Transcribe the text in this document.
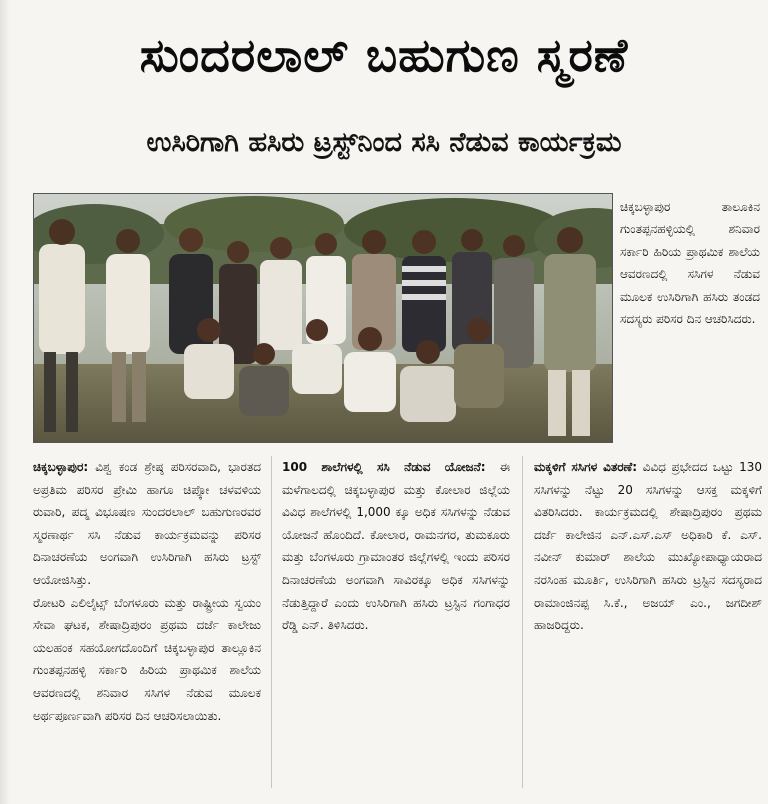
ಸುಂದರಲಾಲ್ ಬಹುಗುಣ ಸ್ಮರಣೆ
ಉಸಿರಿಗಾಗಿ ಹಸಿರು ಟ್ರಸ್ಟ್‌ನಿಂದ ಸಸಿ ನೆಡುವ ಕಾರ್ಯಕ್ರಮ
ಚಿಕ್ಕಬಳ್ಳಾಪುರ ತಾಲೂಕಿನ ಗುಂತಪ್ಪನಹಳ್ಳಿಯಲ್ಲಿ ಶನಿವಾರ ಸರ್ಕಾರಿ ಹಿರಿಯ ಪ್ರಾಥಮಿಕ ಶಾಲೆಯ ಆವರಣದಲ್ಲಿ ಸಸಿಗಳ ನೆಡುವ ಮೂಲಕ ಉಸಿರಿಗಾಗಿ ಹಸಿರು ತಂಡದ ಸದಸ್ಯರು ಪರಿಸರ ದಿನ ಆಚರಿಸಿದರು.

ಚಿಕ್ಕಬಳ್ಳಾಪುರ: ವಿಶ್ವ ಕಂಡ ಶ್ರೇಷ್ಠ ಪರಿಸರವಾದಿ, ಭಾರತದ ಅಪ್ರತಿಮ ಪರಿಸರ ಪ್ರೇಮಿ ಹಾಗೂ ಚಿಪ್ಕೋ ಚಳವಳಿಯ ರುವಾರಿ, ಪದ್ಮ ವಿಭೂಷಣ ಸುಂದರಲಾಲ್ ಬಹುಗುಣರವರ ಸ್ಮರಣಾರ್ಥ ಸಸಿ ನೆಡುವ ಕಾರ್ಯಕ್ರಮವನ್ನು ಪರಿಸರ ದಿನಾಚರಣೆಯ ಅಂಗವಾಗಿ ಉಸಿರಿಗಾಗಿ ಹಸಿರು ಟ್ರಸ್ಟ್ ಆಯೋಜಿಸಿತ್ತು.

ರೋಟರಿ ಎಲಿಲೈಟ್ಸ್ ಬೆಂಗಳೂರು ಮತ್ತು ರಾಷ್ಟ್ರೀಯ ಸ್ವಯಂ ಸೇವಾ ಘಟಕ, ಶೇಷಾದ್ರಿಪುರಂ ಪ್ರಥಮ ದರ್ಜೆ ಕಾಲೇಜು ಯಲಹಂಕ ಸಹಯೋಗದೊಂದಿಗೆ ಚಿಕ್ಕಬಳ್ಳಾಪುರ ತಾಲ್ಲೂಕಿನ ಗುಂತಪ್ಪನಹಳ್ಳಿ ಸರ್ಕಾರಿ ಹಿರಿಯ ಪ್ರಾಥಮಿಕ ಶಾಲೆಯ ಆವರಣದಲ್ಲಿ ಶನಿವಾರ ಸಸಿಗಳ ನೆಡುವ ಮೂಲಕ ಅರ್ಥಪೂರ್ಣವಾಗಿ ಪರಿಸರ ದಿನ ಆಚರಿಸಲಾಯಿತು.

100 ಶಾಲೆಗಳಲ್ಲಿ ಸಸಿ ನೆಡುವ ಯೋಜನೆ: ಈ ಮಳೆಗಾಲದಲ್ಲಿ ಚಿಕ್ಕಬಳ್ಳಾಪುರ ಮತ್ತು ಕೋಲಾರ ಜಿಲ್ಲೆಯ ವಿವಿಧ ಶಾಲೆಗಳಲ್ಲಿ 1,000 ಕ್ಕೂ ಅಧಿಕ ಸಸಿಗಳನ್ನು ನೆಡುವ ಯೋಜನೆ ಹೊಂದಿದೆ. ಕೋಲಾರ, ರಾಮನಗರ, ತುಮಕೂರು ಮತ್ತು ಬೆಂಗಳೂರು ಗ್ರಾಮಾಂತರ ಜಿಲ್ಲೆಗಳಲ್ಲಿ ಇಂದು ಪರಿಸರ ದಿನಾಚರಣೆಯ ಅಂಗವಾಗಿ ಸಾವಿರಕ್ಕೂ ಅಧಿಕ ಸಸಿಗಳನ್ನು ನೆಡುತ್ತಿದ್ದಾರೆ ಎಂದು ಉಸಿರಿಗಾಗಿ ಹಸಿರು ಟ್ರಸ್ಟಿನ ಗಂಗಾಧರ ರೆಡ್ಡಿ ಎನ್. ತಿಳಿಸಿದರು.

ಮಕ್ಕಳಿಗೆ ಸಸಿಗಳ ವಿತರಣೆ: ವಿವಿಧ ಪ್ರಭೇದದ ಒಟ್ಟು 130 ಸಸಿಗಳನ್ನು ನೆಟ್ಟು 20 ಸಸಿಗಳನ್ನು ಆಸಕ್ತ ಮಕ್ಕಳಿಗೆ ವಿತರಿಸಿದರು. ಕಾರ್ಯಕ್ರಮದಲ್ಲಿ ಶೇಷಾದ್ರಿಪುರಂ ಪ್ರಥಮ ದರ್ಜೆ ಕಾಲೇಜಿನ ಎನ್.ಎಸ್.ಎಸ್ ಅಧಿಕಾರಿ ಕೆ. ಎಸ್. ನವೀನ್ ಕುಮಾರ್ ಶಾಲೆಯ ಮುಖ್ಯೋಪಾಧ್ಯಾಯರಾದ ನರಸಿಂಹ ಮೂರ್ತಿ, ಉಸಿರಿಗಾಗಿ ಹಸಿರು ಟ್ರಸ್ಟಿನ ಸದಸ್ಯರಾದ ರಾಮಾಂಜಿನಪ್ಪ ಸಿ.ಕೆ., ಅಜಯ್ ಎಂ., ಜಗದೀಶ್ ಹಾಜರಿದ್ದರು.
